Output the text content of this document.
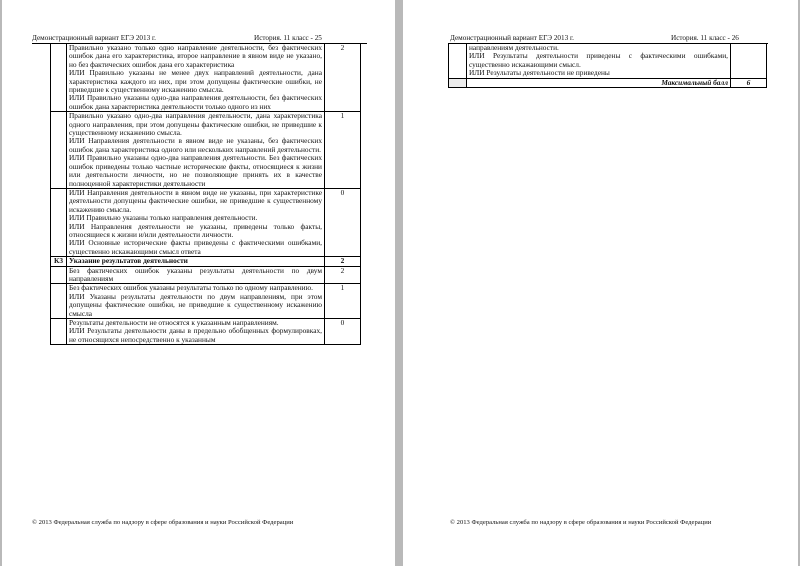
Демонстрационный вариант ЕГЭ 2013 г.	История. 11 класс - 25

	Правильно указано только одно направление деятельности, без фактических ошибок дана его характеристика, второе направление в явном виде не указано, но без фактических ошибок дана его характеристика

ИЛИ Правильно указаны не менее двух направлений деятельности, дана характеристика каждого из них, при этом допущены фактические ошибки, не приведшие к существенному искажению смысла.

ИЛИ Правильно указаны одно-два направления деятельности, без фактических ошибок дана характеристика деятельности только одного из них	2

	Правильно указано одно-два направления деятельности, дана характеристика одного направления, при этом допущены фактические ошибки, не приведшие к существенному искажению смысла.

ИЛИ Направления деятельности в явном виде не указаны, без фактических ошибок дана характеристика одного или нескольких направлений деятельности.

ИЛИ Правильно указаны одно-два направления деятельности. Без фактических ошибок приведены только частные исторические факты, относящиеся к жизни или деятельности личности, но не позволяющие принять их в качестве полноценной характеристики деятельности	1

	ИЛИ Направления деятельности в явном виде не указаны, при характеристике деятельности допущены фактические ошибки, не приведшие к существенному искажению смысла.

ИЛИ Правильно указаны только направления деятельности.

ИЛИ Направления деятельности не указаны, приведены только факты, относящиеся к жизни и/или деятельности личности.

ИЛИ Основные исторические факты приведены с фактическими ошибками, существенно искажающими смысл ответа	0
К3	Указание результатов деятельности	2

	Без фактических ошибок указаны результаты деятельности по двум направлениям	2

	Без фактических ошибок указаны результаты только по одному направлению.

ИЛИ Указаны результаты деятельности по двум направлениям, при этом допущены фактические ошибки, не приведшие к существенному искажению смысла	1

	Результаты деятельности не относятся к указанным направлениям.

ИЛИ Результаты деятельности даны в предельно обобщенных формулировках, не относящихся непосредственно к указанным	0
© 2013 Федеральная служба по надзору в сфере образования и науки Российской Федерации
Демонстрационный вариант ЕГЭ 2013 г.	История. 11 класс - 26

	направлениям деятельности.

ИЛИ Результаты деятельности приведены с фактическими ошибками, существенно искажающими смысл.

ИЛИ Результаты деятельности не приведены	

	Максимальный балл	6
© 2013 Федеральная служба по надзору в сфере образования и науки Российской Федерации
